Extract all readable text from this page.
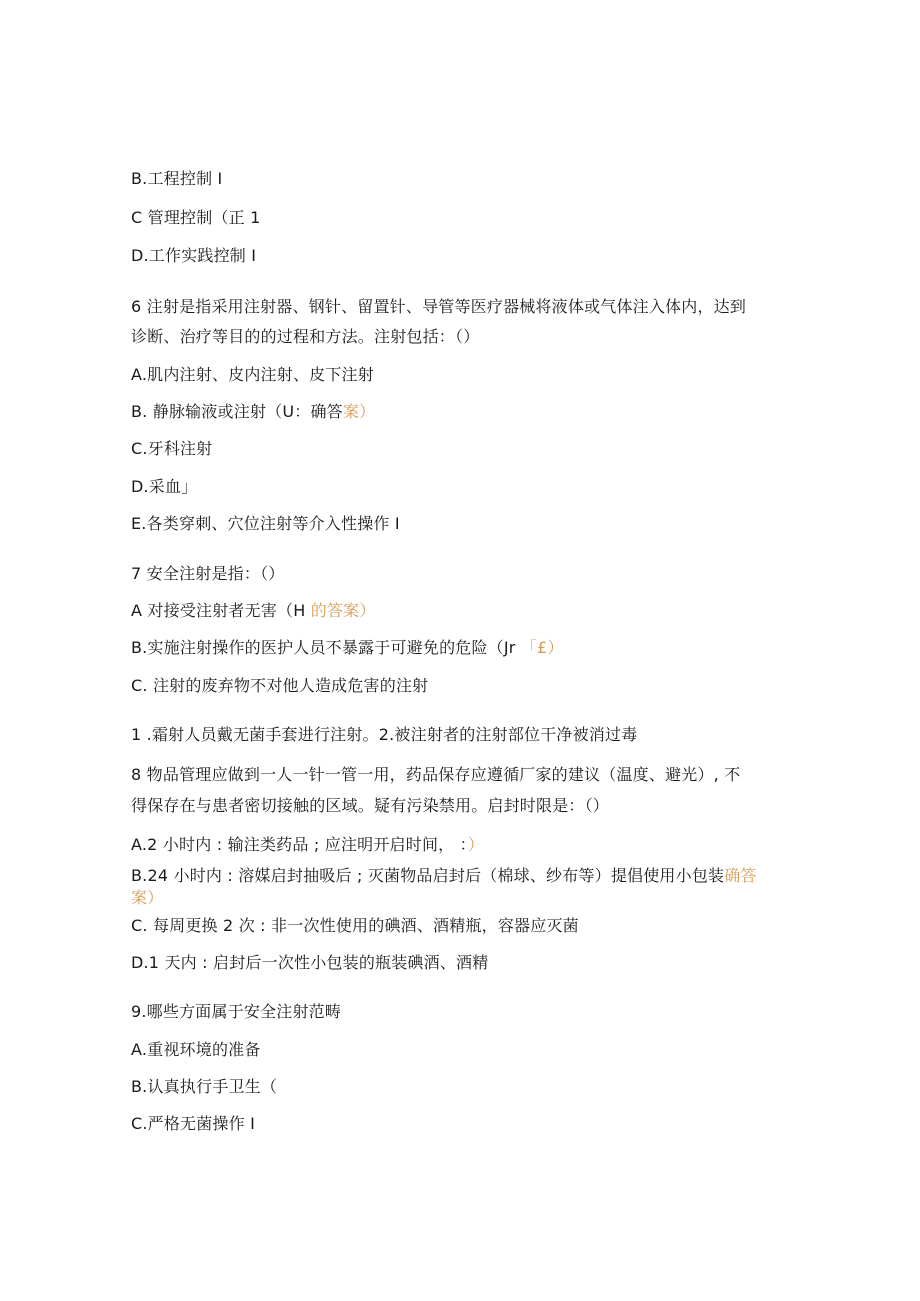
B.工程控制 I
C 管理控制（正 1
D.工作实践控制 I
6 注射是指采用注射器、钢针、留置针、导管等医疗器械将液体或气体注入体内，达到
诊断、治疗等目的的过程和方法。注射包括：（）
A.肌内注射、皮内注射、皮下注射
B. 静脉输液或注射（U：确答案）
C.牙科注射
D.采血」
E.各类穿刺、穴位注射等介入性操作 I
7 安全注射是指：（）
A 对接受注射者无害（H 的答案）
B.实施注射操作的医护人员不暴露于可避免的危险（Jr 「£）
C. 注射的废弃物不对他人造成危害的注射
1 .霜射人员戴无菌手套进行注射。2.被注射者的注射部位干净被消过毒
8 物品管理应做到一人一针一管一用，药品保存应遵循厂家的建议（温度、避光）, 不
得保存在与患者密切接触的区域。疑有污染禁用。启封时限是：（）
A.2 小时内 : 输注类药品 ; 应注明开启时间， ：）
B.24 小时内 : 溶媒启封抽吸后 ; 灭菌物品启封后（棉球、纱布等）提倡使用小包装确答
案）
C. 每周更换 2 次 : 非一次性使用的碘酒、酒精瓶，容器应灭菌
D.1 天内 : 启封后一次性小包装的瓶装碘酒、酒精
9.哪些方面属于安全注射范畴
A.重视环境的准备
B.认真执行手卫生（
C.严格无菌操作 I
